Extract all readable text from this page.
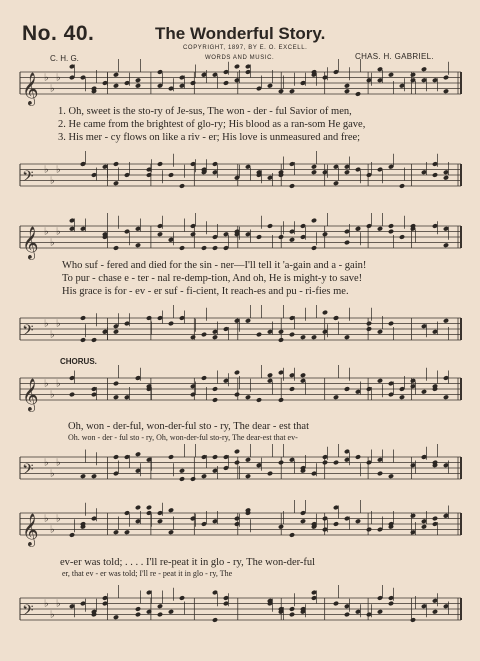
No. 40.	The Wonderful Story.
COPYRIGHT, 1897, BY E. O. EXCELL.
WORDS AND MUSIC.
C. H. G.	CHAS. H. GABRIEL.
𝄞 ♭
♭
♭
𝄢 ♭
♭
♭
𝄞 ♭
♭
♭
𝄢 ♭
♭
♭
𝄞 ♭
♭
♭
𝄢 ♭
♭
♭
𝄞 ♭
♭
♭
𝄢 ♭
♭
♭
1. Oh, sweet is the sto-ry of Je-sus, The won - der - ful Savior of men,
2. He came from the brightest of glo-ry; His blood as a ran-som He gave,
3. His mer - cy flows on like a riv - er; His love is unmeasured and free;
Who suf - fered and died for the sin - ner—I'll tell it 'a-gain and a - gain!
To pur - chase e - ter - nal re-demp-tion, And oh, He is might-y to save!
His grace is for - ev - er suf - fi-cient, It reach-es and pu - ri-fies me.
CHORUS.
Oh, won - der-ful, won-der-ful sto - ry, The dear - est that
Oh. won - der - ful sto - ry, Oh, won-der-ful sto-ry, The dear-est that ev-
ev-er was told; . . . . I'll re-peat it in glo - ry, The won-der-ful
er, that ev - er was told; I'll re - peat it in glo - ry, The
